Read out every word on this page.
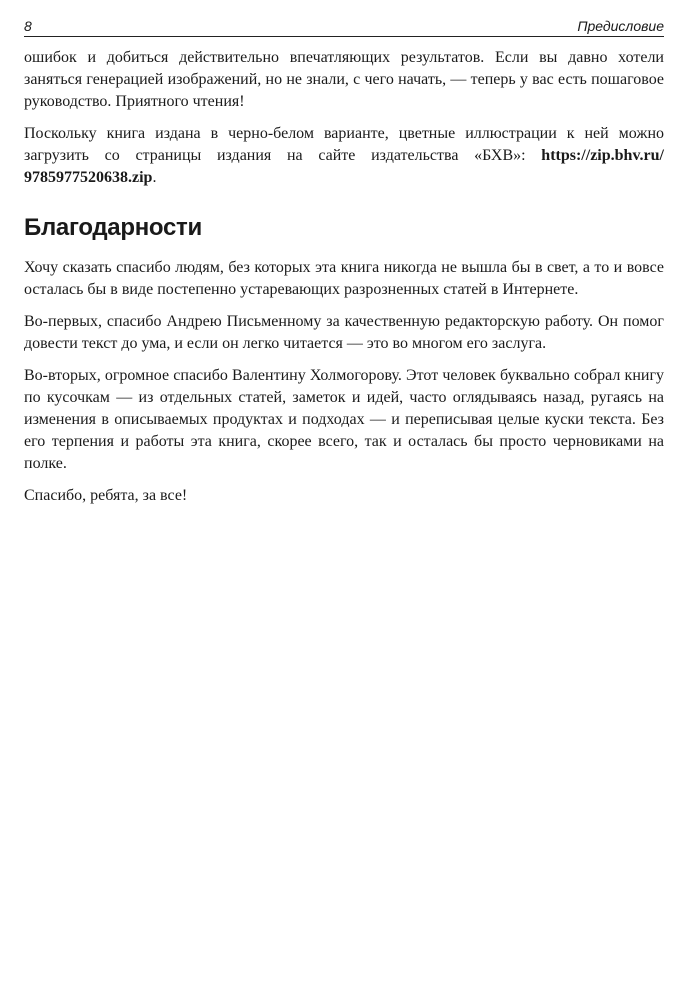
8	Предисловие

ошибок и добиться действительно впечатляющих результатов. Если вы давно хотели заняться генерацией изображений, но не знали, с чего начать, — теперь у вас есть пошаговое руководство. Приятного чтения!

Поскольку книга издана в черно-белом варианте, цветные иллюстрации к ней можно загрузить со страницы издания на сайте издательства «БХВ»: https://zip.bhv.ru/ 9785977520638.zip.

Благодарности

Хочу сказать спасибо людям, без которых эта книга никогда не вышла бы в свет, а то и вовсе осталась бы в виде постепенно устаревающих разрозненных статей в Интернете.

Во-первых, спасибо Андрею Письменному за качественную редакторскую работу. Он помог довести текст до ума, и если он легко читается — это во многом его заслуга.

Во-вторых, огромное спасибо Валентину Холмогорову. Этот человек буквально собрал книгу по кусочкам — из отдельных статей, заметок и идей, часто оглядываясь назад, ругаясь на изменения в описываемых продуктах и подходах — и переписывая целые куски текста. Без его терпения и работы эта книга, скорее всего, так и осталась бы просто черновиками на полке.

Спасибо, ребята, за все!
